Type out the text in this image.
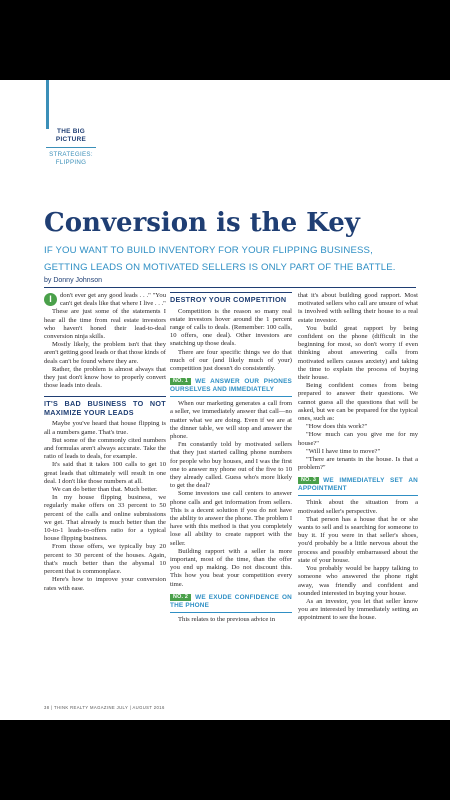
THE BIG PICTURE
STRATEGIES: FLIPPING
Conversion is the Key
IF YOU WANT TO BUILD INVENTORY FOR YOUR FLIPPING BUSINESS, GETTING LEADS ON MOTIVATED SELLERS IS ONLY PART OF THE BATTLE.
by Donny Johnson
I	don't ever get any good leads . . ." "You can't get deals like that where I live . . ."

These are just some of the statements I hear all the time from real estate investors who haven't honed their lead-to-deal conversion ninja skills.

Mostly likely, the problem isn't that they aren't getting good leads or that those kinds of deals can't be found where they are.

Rather, the problem is almost always that they just don't know how to properly convert those leads into deals.

IT'S BAD BUSINESS TO NOT MAXIMIZE YOUR LEADS

Maybe you've heard that house flipping is all a numbers game. That's true.

But some of the commonly cited numbers and formulas aren't always accurate. Take the ratio of leads to deals, for example.

It's said that it takes 100 calls to get 10 great leads that ultimately will result in one deal. I don't like those numbers at all.

We can do better than that. Much better.

In my house flipping business, we regularly make offers on 33 percent to 50 percent of the calls and online submissions we get. That already is much better than the 10-to-1 leads-to-offers ratio for a typical house flipping business.

From those offers, we typically buy 20 percent to 30 percent of the houses. Again, that's much better than the abysmal 10 percent that is commonplace.

Here's how to improve your conversion rates with ease.

DESTROY YOUR COMPETITION

Competition is the reason so many real estate investors hover around the 1 percent range of calls to deals. (Remember: 100 calls, 10 offers, one deal). Other investors are snatching up those deals.

There are four specific things we do that much of our (and likely much of your) competition just doesn't do consistently.

NO. 1 WE ANSWER OUR PHONES OURSELVES AND IMMEDIATELY

When our marketing generates a call from a seller, we immediately answer that call—no matter what we are doing. Even if we are at the dinner table, we will stop and answer the phone.

I'm constantly told by motivated sellers that they just started calling phone numbers for people who buy houses, and I was the first one to answer my phone out of the five to 10 they already called. Guess who's more likely to get the deal?

Some investors use call centers to answer phone calls and get information from sellers. This is a decent solution if you do not have the ability to answer the phone. The problem I have with this method is that you completely lose all ability to create rapport with the seller.

Building rapport with a seller is more important, most of the time, than the offer you end up making. Do not discount this. This how you beat your competition every time.

NO. 2 WE EXUDE CONFIDENCE ON THE PHONE

This relates to the previous advice in

that it's about building good rapport. Most motivated sellers who call are unsure of what is involved with selling their house to a real estate investor.

You build great rapport by being confident on the phone (difficult in the beginning for most, so don't worry if even thinking about answering calls from motivated sellers causes anxiety) and taking the time to explain the process of buying their house.

Being confident comes from being prepared to answer their questions. We cannot guess all the questions that will be asked, but we can be prepared for the typical ones, such as:

"How does this work?"

"How much can you give me for my house?"

"Will I have time to move?"

"There are tenants in the house. Is that a problem?"

NO. 3 WE IMMEDIATELY SET AN APPOINTMENT

Think about the situation from a motivated seller's perspective.

That person has a house that he or she wants to sell and is searching for someone to buy it. If you were in that seller's shoes, you'd probably be a little nervous about the process and possibly embarrassed about the state of your house.

You probably would be happy talking to someone who answered the phone right away, was friendly and confident and sounded interested in buying your house.

As an investor, you let that seller know you are interested by immediately setting an appointment to see the house.

38 | THINK REALTY MAGAZINE JULY | AUGUST 2016
